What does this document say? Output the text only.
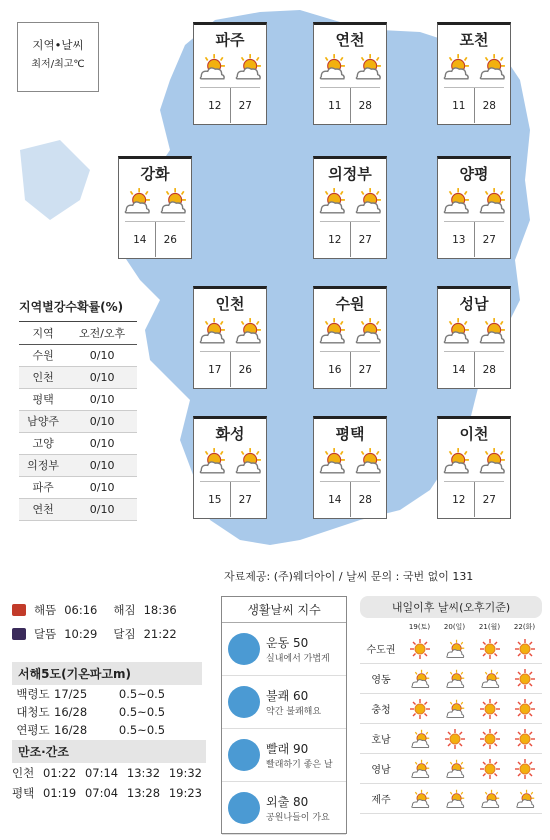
지역•날씨
최저/최고℃
파주
12	27
연천
11	28
포천
11	28
강화
14	26
의정부
12	27
양평
13	27
인천
17	26
수원
16	27
성남
14	28
화성
15	27
평택
14	28
이천
12	27
지역별강수확률(%)
지역	오전/오후
수원	0/10
인천	0/10
평택	0/10
남양주	0/10
고양	0/10
의정부	0/10
파주	0/10
연천	0/10
자료제공: (주)웨더아이 / 날씨 문의 : 국번 없이 131
해뜸 06:16 해짐 18:36
달뜸 10:29 달짐 21:22
서해5도(기온파고m)
백령도 17/25	0.5~0.5
대청도 16/28	0.5~0.5
연평도 16/28	0.5~0.5
만조·간조
인천 01:22 07:14 13:32 19:32
평택 01:19 07:04 13:28 19:23
생활날씨 지수
운동 50
실내에서 가볍게
불쾌 60
약간 불쾌해요
빨래 90
빨래하기 좋은 날
외출 80
공원나들이 가요
내일이후 날씨(오후기준)
19(토)	20(일)	21(월)	22(화)
수도권
영동
충청
호남
영남
제주
